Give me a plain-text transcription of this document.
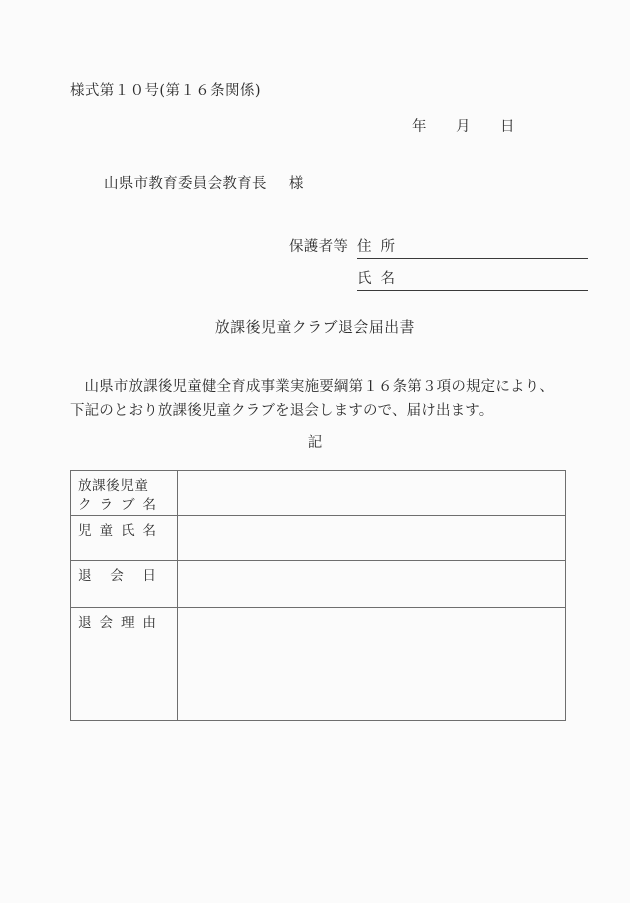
様式第１０号(第１６条関係)
年 月 日
山県市教育委員会教育長 様
保護者等 住 所
氏 名
放課後児童クラブ退会届出書
山県市放課後児童健全育成事業実施要綱第１６条第３項の規定により、下記のとおり放課後児童クラブを退会しますので、届け出ます。
記
放課後児童
ク ラ ブ 名	

児 童 氏 名	

退 会 日	

退 会 理 由	
